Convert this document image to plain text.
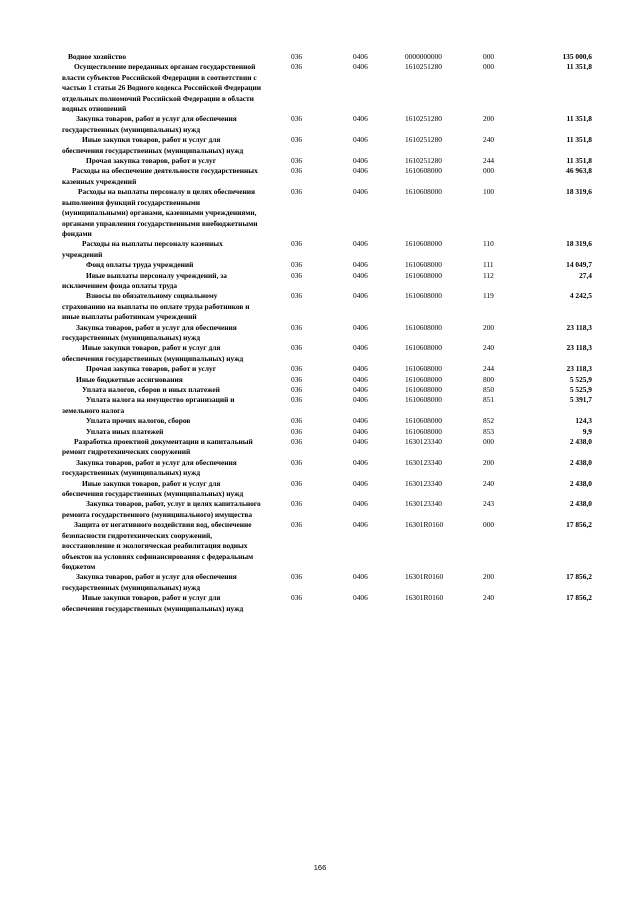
Водное хозяйство		036	0406	0000000000	000	135 000,6
Осуществление переданных органам государственной власти субъектов Российской Федерации в соответствии с частью 1 статьи 26 Водного кодекса Российской Федерации отдельных полномочий Российской Федерации в области водных отношений		036	0406	1610251280	000	11 351,8
Закупка товаров, работ и услуг для обеспечения государственных (муниципальных) нужд		036	0406	1610251280	200	11 351,8
Иные закупки товаров, работ и услуг для обеспечения государственных (муниципальных) нужд		036	0406	1610251280	240	11 351,8
Прочая закупка товаров, работ и услуг		036	0406	1610251280	244	11 351,8
Расходы на обеспечение деятельности государственных казенных учреждений		036	0406	1610608000	000	46 963,8
Расходы на выплаты персоналу в целях обеспечения выполнения функций государственными (муниципальными) органами, казенными учреждениями, органами управления государственными внебюджетными фондами		036	0406	1610608000	100	18 319,6
Расходы на выплаты персоналу казенных учреждений		036	0406	1610608000	110	18 319,6
Фонд оплаты труда учреждений		036	0406	1610608000	111	14 049,7
Иные выплаты персоналу учреждений, за исключением фонда оплаты труда		036	0406	1610608000	112	27,4
Взносы по обязательному социальному страхованию на выплаты по оплате труда работников и иные выплаты работникам учреждений		036	0406	1610608000	119	4 242,5
Закупка товаров, работ и услуг для обеспечения государственных (муниципальных) нужд		036	0406	1610608000	200	23 118,3
Иные закупки товаров, работ и услуг для обеспечения государственных (муниципальных) нужд		036	0406	1610608000	240	23 118,3
Прочая закупка товаров, работ и услуг		036	0406	1610608000	244	23 118,3
Иные бюджетные ассигнования		036	0406	1610608000	800	5 525,9
Уплата налогов, сборов и иных платежей		036	0406	1610608000	850	5 525,9
Уплата налога на имущество организаций и земельного налога		036	0406	1610608000	851	5 391,7
Уплата прочих налогов, сборов		036	0406	1610608000	852	124,3
Уплата иных платежей		036	0406	1610608000	853	9,9
Разработка проектной документации и капитальный ремонт гидротехнических сооружений		036	0406	1630123340	000	2 438,0
Закупка товаров, работ и услуг для обеспечения государственных (муниципальных) нужд		036	0406	1630123340	200	2 438,0
Иные закупки товаров, работ и услуг для обеспечения государственных (муниципальных) нужд		036	0406	1630123340	240	2 438,0
Закупка товаров, работ, услуг в целях капитального ремонта государственного (муниципального) имущества		036	0406	1630123340	243	2 438,0
Защита от негативного воздействия вод, обеспечение безопасности гидротехнических сооружений, восстановление и экологическая реабилитация водных объектов на условиях софинансирования с федеральным бюджетом		036	0406	16301R0160	000	17 856,2
Закупка товаров, работ и услуг для обеспечения государственных (муниципальных) нужд		036	0406	16301R0160	200	17 856,2
Иные закупки товаров, работ и услуг для обеспечения государственных (муниципальных) нужд		036	0406	16301R0160	240	17 856,2
166
